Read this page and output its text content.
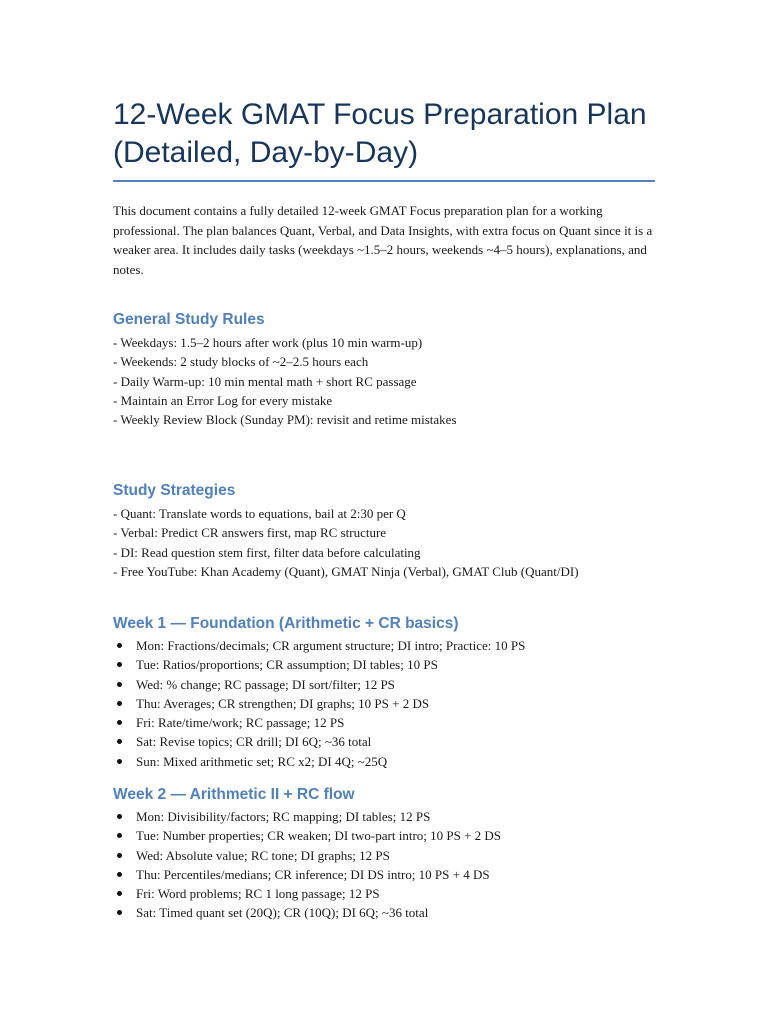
12-Week GMAT Focus Preparation Plan (Detailed, Day-by-Day)

This document contains a fully detailed 12-week GMAT Focus preparation plan for a working professional. The plan balances Quant, Verbal, and Data Insights, with extra focus on Quant since it is a weaker area. It includes daily tasks (weekdays ~1.5–2 hours, weekends ~4–5 hours), explanations, and notes.

General Study Rules
- Weekdays: 1.5–2 hours after work (plus 10 min warm-up)
- Weekends: 2 study blocks of ~2–2.5 hours each
- Daily Warm-up: 10 min mental math + short RC passage
- Maintain an Error Log for every mistake
- Weekly Review Block (Sunday PM): revisit and retime mistakes
Study Strategies
- Quant: Translate words to equations, bail at 2:30 per Q
- Verbal: Predict CR answers first, map RC structure
- DI: Read question stem first, filter data before calculating
- Free YouTube: Khan Academy (Quant), GMAT Ninja (Verbal), GMAT Club (Quant/DI)
Week 1 — Foundation (Arithmetic + CR basics)
Mon: Fractions/decimals; CR argument structure; DI intro; Practice: 10 PS
Tue: Ratios/proportions; CR assumption; DI tables; 10 PS
Wed: % change; RC passage; DI sort/filter; 12 PS
Thu: Averages; CR strengthen; DI graphs; 10 PS + 2 DS
Fri: Rate/time/work; RC passage; 12 PS
Sat: Revise topics; CR drill; DI 6Q; ~36 total
Sun: Mixed arithmetic set; RC x2; DI 4Q; ~25Q
Week 2 — Arithmetic II + RC flow
Mon: Divisibility/factors; RC mapping; DI tables; 12 PS
Tue: Number properties; CR weaken; DI two-part intro; 10 PS + 2 DS
Wed: Absolute value; RC tone; DI graphs; 12 PS
Thu: Percentiles/medians; CR inference; DI DS intro; 10 PS + 4 DS
Fri: Word problems; RC 1 long passage; 12 PS
Sat: Timed quant set (20Q); CR (10Q); DI 6Q; ~36 total
